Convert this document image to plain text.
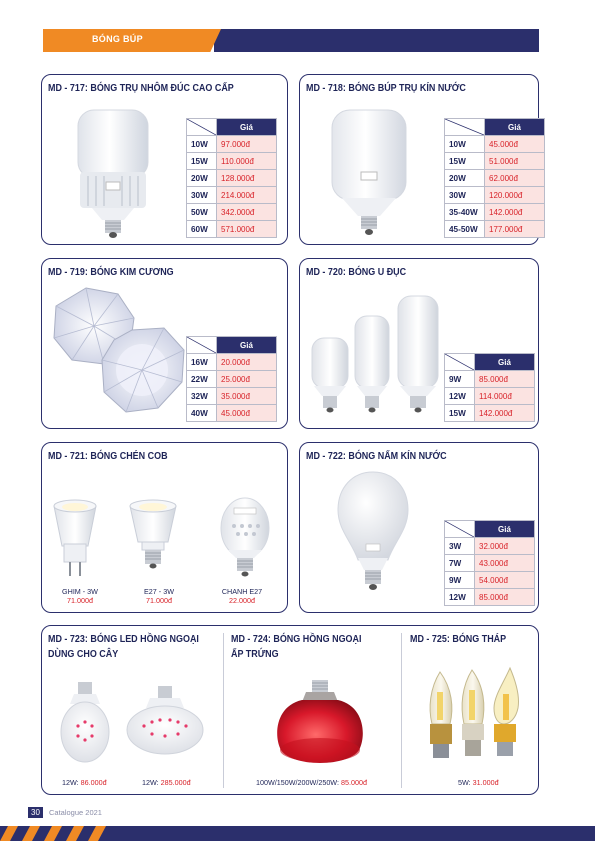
BÓNG BÚP
MD - 717: BÓNG TRỤ NHÔM ĐÚC CAO CẤP
	Giá
10W	97.000đ
15W	110.000đ
20W	128.000đ
30W	214.000đ
50W	342.000đ
60W	571.000đ
MD - 718: BÓNG BÚP TRỤ KÍN NƯỚC
	Giá
10W	45.000đ
15W	51.000đ
20W	62.000đ
30W	120.000đ
35-40W	142.000đ
45-50W	177.000đ
MD - 719: BÓNG KIM CƯƠNG
	Giá
16W	20.000đ
22W	25.000đ
32W	35.000đ
40W	45.000đ
MD - 720: BÓNG U ĐỤC
	Giá
9W	85.000đ
12W	114.000đ
15W	142.000đ
MD - 721: BÓNG CHÉN COB
GHIM - 3W
71.000đ
E27 - 3W
71.000đ
CHANH E27
22.000đ
MD - 722: BÓNG NẤM KÍN NƯỚC
	Giá
3W	32.000đ
7W	43.000đ
9W	54.000đ
12W	85.000đ
MD - 723: BÓNG LED HỒNG NGOẠI
DÙNG CHO CÂY
12W: 86.000đ	12W: 285.000đ
MD - 724: BÓNG HỒNG NGOẠI
ẤP TRỨNG
100W/150W/200W/250W: 85.000đ
MD - 725: BÓNG THÁP
5W: 31.000đ
30	Catalogue 2021
